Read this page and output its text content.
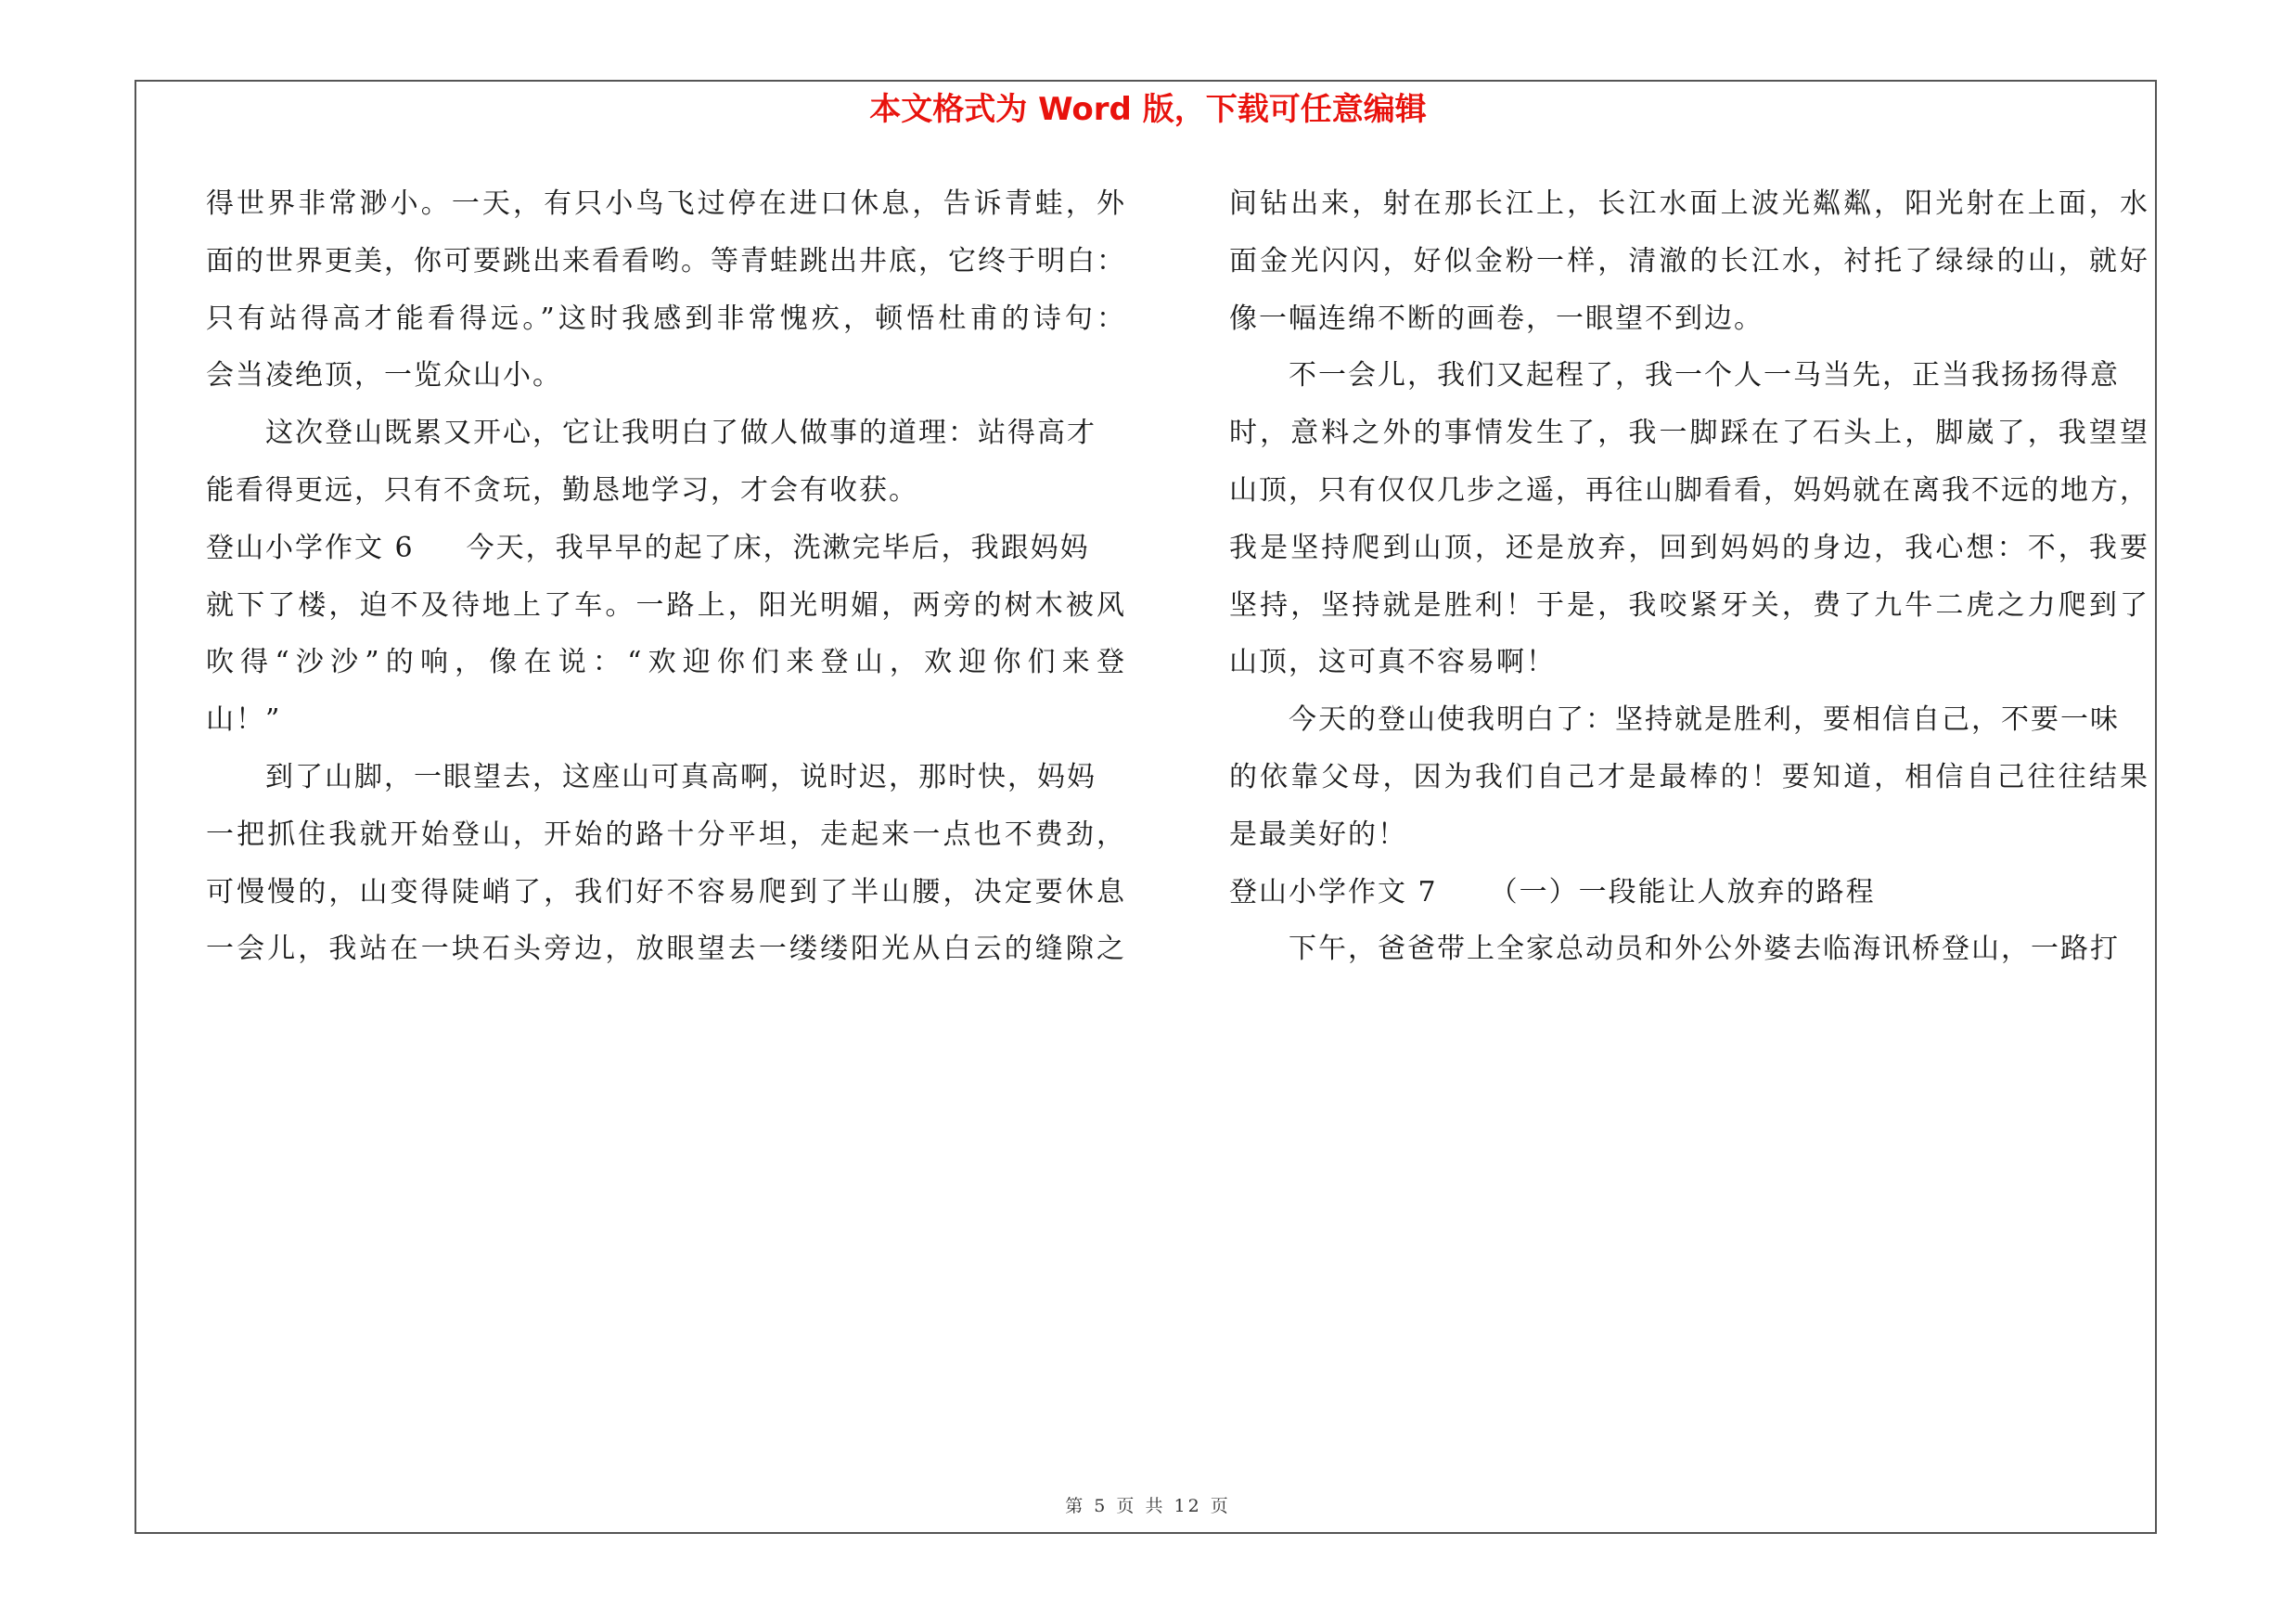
本文格式为 Word 版，下载可任意编辑
得世界非常渺小。一天，有只小鸟飞过停在进口休息，告诉青蛙，外
面的世界更美，你可要跳出来看看哟。等青蛙跳出井底，它终于明白：
只有站得高才能看得远。”这时我感到非常愧疚，顿悟杜甫的诗句：
会当凌绝顶，一览众山小。
这次登山既累又开心，它让我明白了做人做事的道理：站得高才
能看得更远，只有不贪玩，勤恳地学习，才会有收获。
登山小学作文 6 今天，我早早的起了床，洗漱完毕后，我跟妈妈
就下了楼，迫不及待地上了车。一路上，阳光明媚，两旁的树木被风
吹得“沙沙”的响，像在说：“欢迎你们来登山，欢迎你们来登
山！”
到了山脚，一眼望去，这座山可真高啊，说时迟，那时快，妈妈
一把抓住我就开始登山，开始的路十分平坦，走起来一点也不费劲，
可慢慢的，山变得陡峭了，我们好不容易爬到了半山腰，决定要休息
一会儿，我站在一块石头旁边，放眼望去一缕缕阳光从白云的缝隙之
间钻出来，射在那长江上，长江水面上波光粼粼，阳光射在上面，水
面金光闪闪，好似金粉一样，清澈的长江水，衬托了绿绿的山，就好
像一幅连绵不断的画卷，一眼望不到边。
不一会儿，我们又起程了，我一个人一马当先，正当我扬扬得意
时，意料之外的事情发生了，我一脚踩在了石头上，脚崴了，我望望
山顶，只有仅仅几步之遥，再往山脚看看，妈妈就在离我不远的地方，
我是坚持爬到山顶，还是放弃，回到妈妈的身边，我心想：不，我要
坚持，坚持就是胜利！于是，我咬紧牙关，费了九牛二虎之力爬到了
山顶，这可真不容易啊！
今天的登山使我明白了：坚持就是胜利，要相信自己，不要一味
的依靠父母，因为我们自己才是最棒的！要知道，相信自己往往结果
是最美好的！
登山小学作文 7 （一）一段能让人放弃的路程
下午，爸爸带上全家总动员和外公外婆去临海讯桥登山，一路打
第 5 页 共 12 页
